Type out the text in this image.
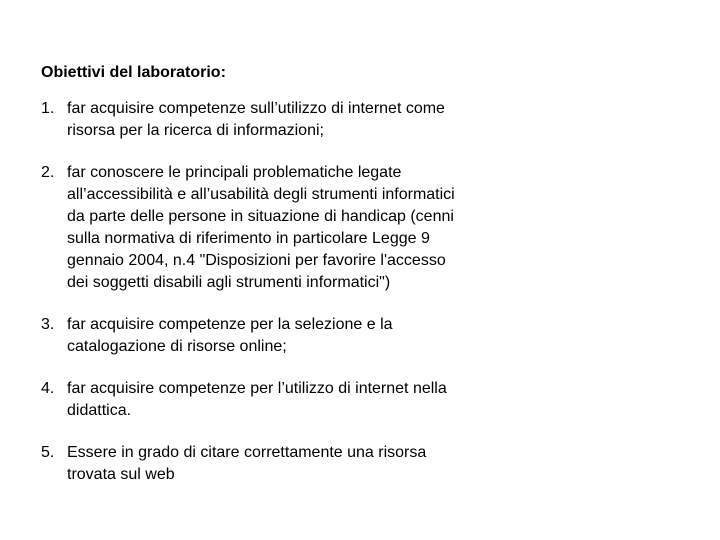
Obiettivi del laboratorio:
1. far acquisire competenze sull’utilizzo di internet come
risorsa per la ricerca di informazioni;
2. far conoscere le principali problematiche legate
all’accessibilità e all’usabilità degli strumenti informatici
da parte delle persone in situazione di handicap (cenni
sulla normativa di riferimento in particolare Legge 9
gennaio 2004, n.4 "Disposizioni per favorire l'accesso
dei soggetti disabili agli strumenti informatici")
3. far acquisire competenze per la selezione e la
catalogazione di risorse online;
4. far acquisire competenze per l’utilizzo di internet nella
didattica.
5. Essere in grado di citare correttamente una risorsa
trovata sul web
